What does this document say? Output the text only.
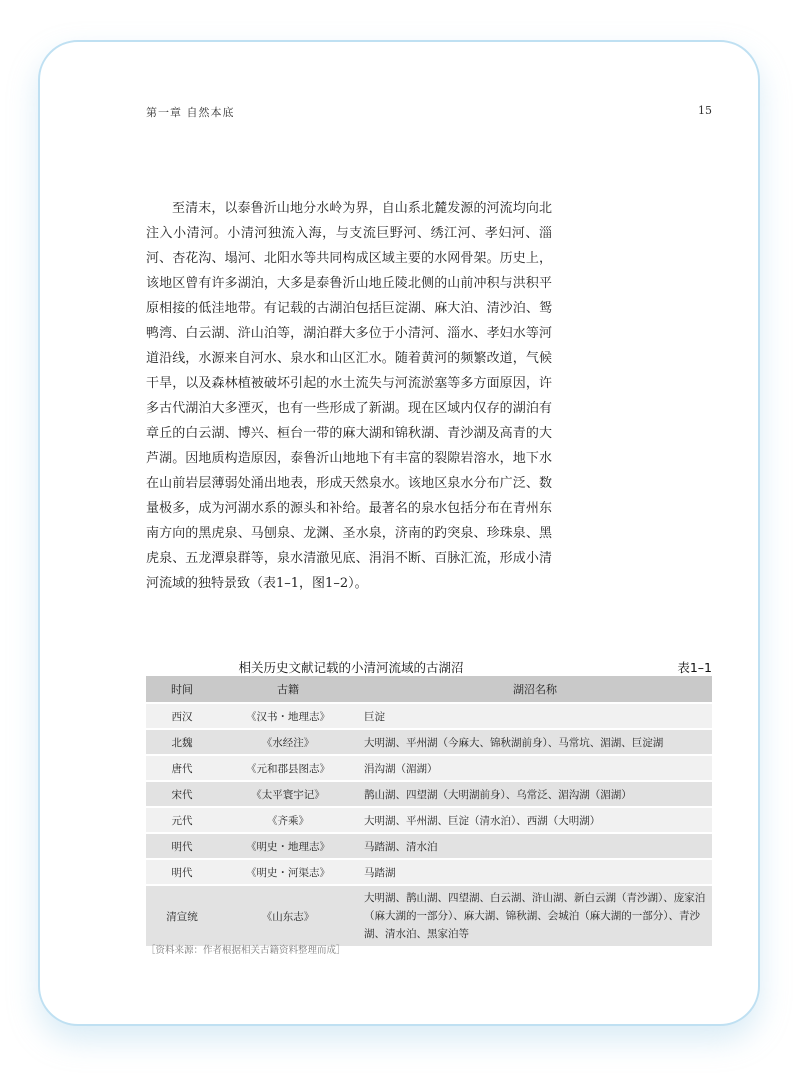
第一章 自然本底	15

至清末，以泰鲁沂山地分水岭为界，自山系北麓发源的河流均向北注入小清河。小清河独流入海，与支流巨野河、绣江河、孝妇河、淄河、杏花沟、塌河、北阳水等共同构成区域主要的水网骨架。历史上，该地区曾有许多湖泊，大多是泰鲁沂山地丘陵北侧的山前冲积与洪积平原相接的低洼地带。有记载的古湖泊包括巨淀湖、麻大泊、清沙泊、鸳鸭湾、白云湖、浒山泊等，湖泊群大多位于小清河、淄水、孝妇水等河道沿线，水源来自河水、泉水和山区汇水。随着黄河的频繁改道，气候干旱，以及森林植被破坏引起的水土流失与河流淤塞等多方面原因，许多古代湖泊大多湮灭，也有一些形成了新湖。现在区域内仅存的湖泊有章丘的白云湖、博兴、桓台一带的麻大湖和锦秋湖、青沙湖及高青的大芦湖。因地质构造原因，泰鲁沂山地地下有丰富的裂隙岩溶水，地下水在山前岩层薄弱处涌出地表，形成天然泉水。该地区泉水分布广泛、数量极多，成为河湖水系的源头和补给。最著名的泉水包括分布在青州东南方向的黑虎泉、马刨泉、龙渊、圣水泉，济南的趵突泉、珍珠泉、黑虎泉、五龙潭泉群等，泉水清澈见底、涓涓不断、百脉汇流，形成小清河流域的独特景致（表1–1，图1–2）。

相关历史文献记载的小清河流域的古湖沼	表1–1
时间	古籍	湖沼名称
西汉	《汉书・地理志》	巨淀
北魏	《水经注》	大明湖、平州湖（今麻大、锦秋湖前身）、马常坑、湄湖、巨淀湖
唐代	《元和郡县图志》	涓沟湖（湄湖）
宋代	《太平寰宇记》	鹊山湖、四望湖（大明湖前身）、乌常泛、湄沟湖（湄湖）
元代	《齐乘》	大明湖、平州湖、巨淀（清水泊）、西湖（大明湖）
明代	《明史・地理志》	马踏湖、清水泊
明代	《明史・河渠志》	马踏湖
清宣统	《山东志》	大明湖、鹊山湖、四望湖、白云湖、浒山湖、新白云湖（青沙湖）、庞家泊（麻大湖的一部分）、麻大湖、锦秋湖、会城泊（麻大湖的一部分）、青沙湖、清水泊、黑家泊等
［资料来源：作者根据相关古籍资料整理而成］
